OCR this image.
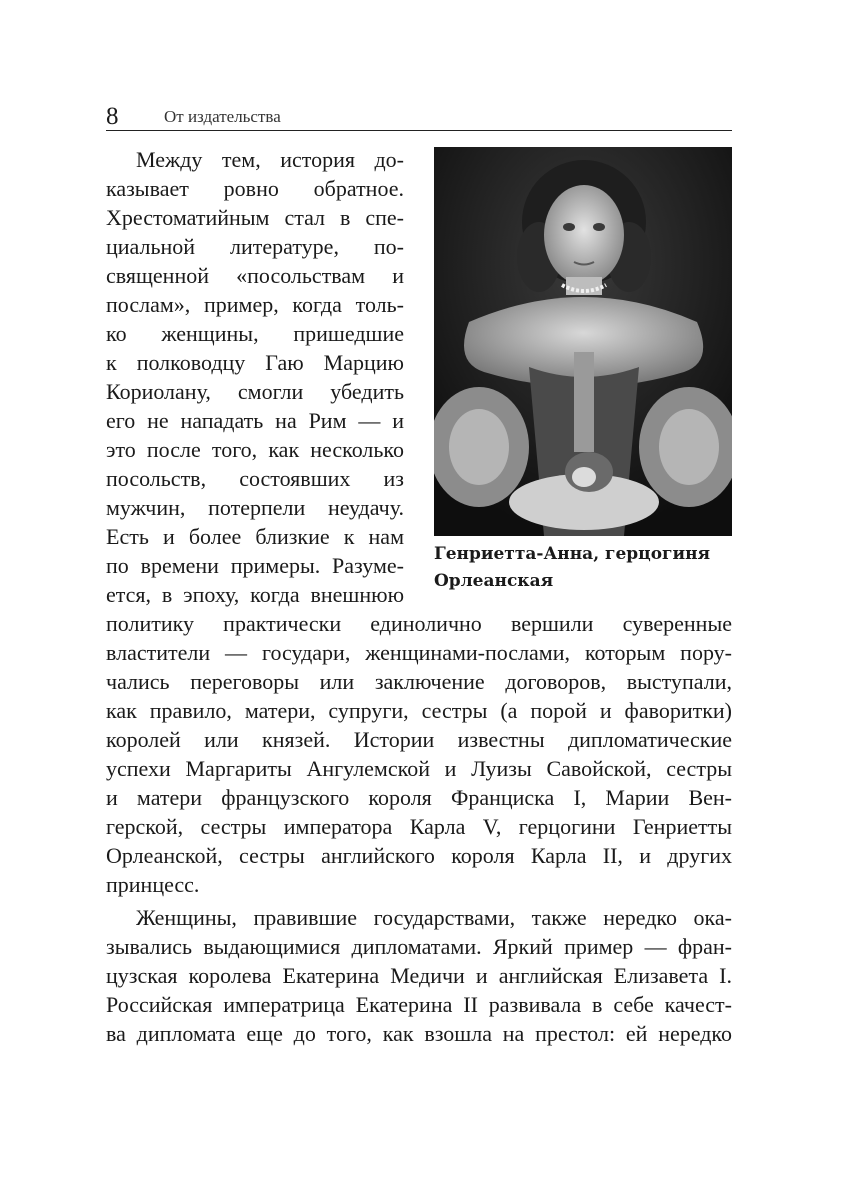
8	От издательства
Генриетта-Анна, герцогиня
Орлеанская
Между тем, история до-
казывает ровно обратное.
Хрестоматийным стал в спе-
циальной литературе, по-
священной «посольствам и
послам», пример, когда толь-
ко женщины, пришедшие
к полководцу Гаю Марцию
Кориолану, смогли убедить
его не нападать на Рим — и
это после того, как несколько
посольств, состоявших из
мужчин, потерпели неудачу.
Есть и более близкие к нам
по времени примеры. Разуме-
ется, в эпоху, когда внешнюю
политику практически единолично вершили суверенные
властители — государи, женщинами-послами, которым пору-
чались переговоры или заключение договоров, выступали,
как правило, матери, супруги, сестры (а порой и фаворитки)
королей или князей. Истории известны дипломатические
успехи Маргариты Ангулемской и Луизы Савойской, сестры
и матери французского короля Франциска I, Марии Вен-
герской, сестры императора Карла V, герцогини Генриетты
Орлеанской, сестры английского короля Карла II, и других
принцесс.
Женщины, правившие государствами, также нередко ока-
зывались выдающимися дипломатами. Яркий пример — фран-
цузская королева Екатерина Медичи и английская Елизавета I.
Российская императрица Екатерина II развивала в себе качест-
ва дипломата еще до того, как взошла на престол: ей нередко
